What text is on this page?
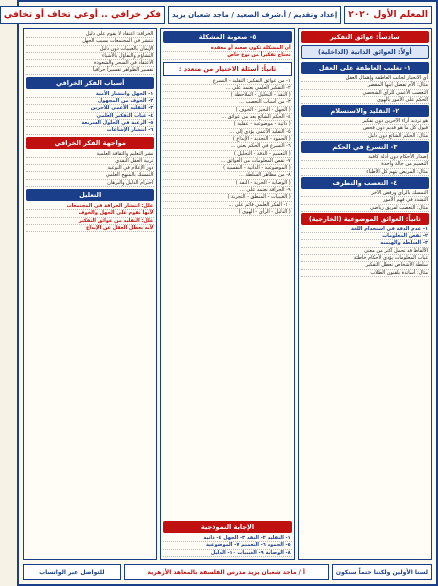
المعلم الأول ٢٠٢٠
إعداد وتقديم / أ.شرف الصعيد / ماجد شعبان يزيد
فكر خرافي .. أوعي تخاف أو تخافي
سادساً: عوائق التفكير
أولاً: العوائق الذاتية (الداخلية)
١- تغليب العاطفة على العقل
أي الانحياز لجانب العاطفة وإهمال العقل
مثال: الأم تفضل ابنها المقصر
التعصب الأعمى للرأي الشخصي
الحكم على الأمور بالهوى
٢- التقليد والاستسلام
هو ترديد آراء الآخرين دون تفكير
قبول كل ما هو قديم دون فحص
مثال: الحكم الشائع دون دليل
٣- التسرع في الحكم
إصدار الأحكام دون أدلة كافية
التعميم من حالة واحدة
مثال: المريض يتهم كل الأطباء
٤- التعصب والتطرف
التمسك بالرأي ورفض الآخر
التشدد في فهم الأمور
مثال: التعصب لفريق رياضي
ثانياً: العوائق الموضوعية (الخارجية)
١- عدم الدقة في استخدام اللغة
٢- نقص المعلومات
٣- السلطة والهيمنة
الألفاظ قد تحمل أكثر من معنى
غياب المعلومات يؤدي لأحكام خاطئة
سلطة الأشخاص تعطل التفكير
مثال: أساتذة يلقنون الطلاب
٥- صعوبة المشكلة
أن المشكلة تكون صعبة أو معقدة
تحتاج تفكيراً من نوع خاص
ثانياً: أسئلة الاختيار من متعدد :
١- من عوائق التفكير: التقليد - التسرع
٢- التفكير العلمي يعتمد على ...
( النقد - التحليل - الملاحظة )
٣- من أسباب التعصب ...
( الجهل - التحيز - الخوف )
٤- الحكم الشائع يعد من عوائق ...
( ذاتية - موضوعية - عقلية )
٥- التقليد الأعمى يؤدي إلى ...
( الجمود - التجديد - الإبداع )
٦- التسرع في الحكم يعني ...
( التعميم - الدقة - التحليل )
٧- نقص المعلومات من العوائق ...
( الموضوعية - الذاتية - النفسية )
٨- من مظاهر السلطة ...
( الوصاية - الحرية - النقد )
٩- الخرافة تعتمد على ...
( الغيبيات - المنطق - التجربة )
١٠- الفكر العلمي قائم على ...
( الدليل - الرأي - الهوى )
الإجابة النموذجية
١- التقليد ٢- النقد ٣- الجهل ٤- ذاتية
٥- الجمود ٦- التعميم ٧- الموضوعية
٨- الوصاية ٩- الغيبيات ١٠- الدليل
الخرافة: اعتقاد لا يقوم على دليل
تنتشر في المجتمعات بسبب الجهل
الإيمان بالغيبيات دون دليل
التشاؤم والتفاؤل بالأشياء
الاعتقاد في السحر والشعوذة
تفسير الظواهر تفسيراً خرافياً
أسباب الفكر الخرافي
١- الجهل وانتشار الأمية
٢- الخوف من المجهول
٣- التقليد الأعمى للآخرين
٤- غياب التفكير العلمي
٥- الرغبة في الحلول السريعة
٦- انتشار الإشاعات
مواجهة الفكر الخرافي
نشر التعليم والثقافة العلمية
تربية العقل النقدي
دور الإعلام في التوعية
التمسك بالمنهج العلمي
احترام الدليل والبرهان
التعليل
علل: انتشار الخرافة في المجتمعات
لأنها تقوم على الجهل والخوف
علل: التقليد من عوائق التفكير
لأنه يعطل العقل عن الإبداع
لسنا الأولين ولكننا حتماً سنكون
أ / ماجد شعبان يزيد مدرس الفلسفة بالمعاهد الأزهرية
للتواصل عبر الواتساب
